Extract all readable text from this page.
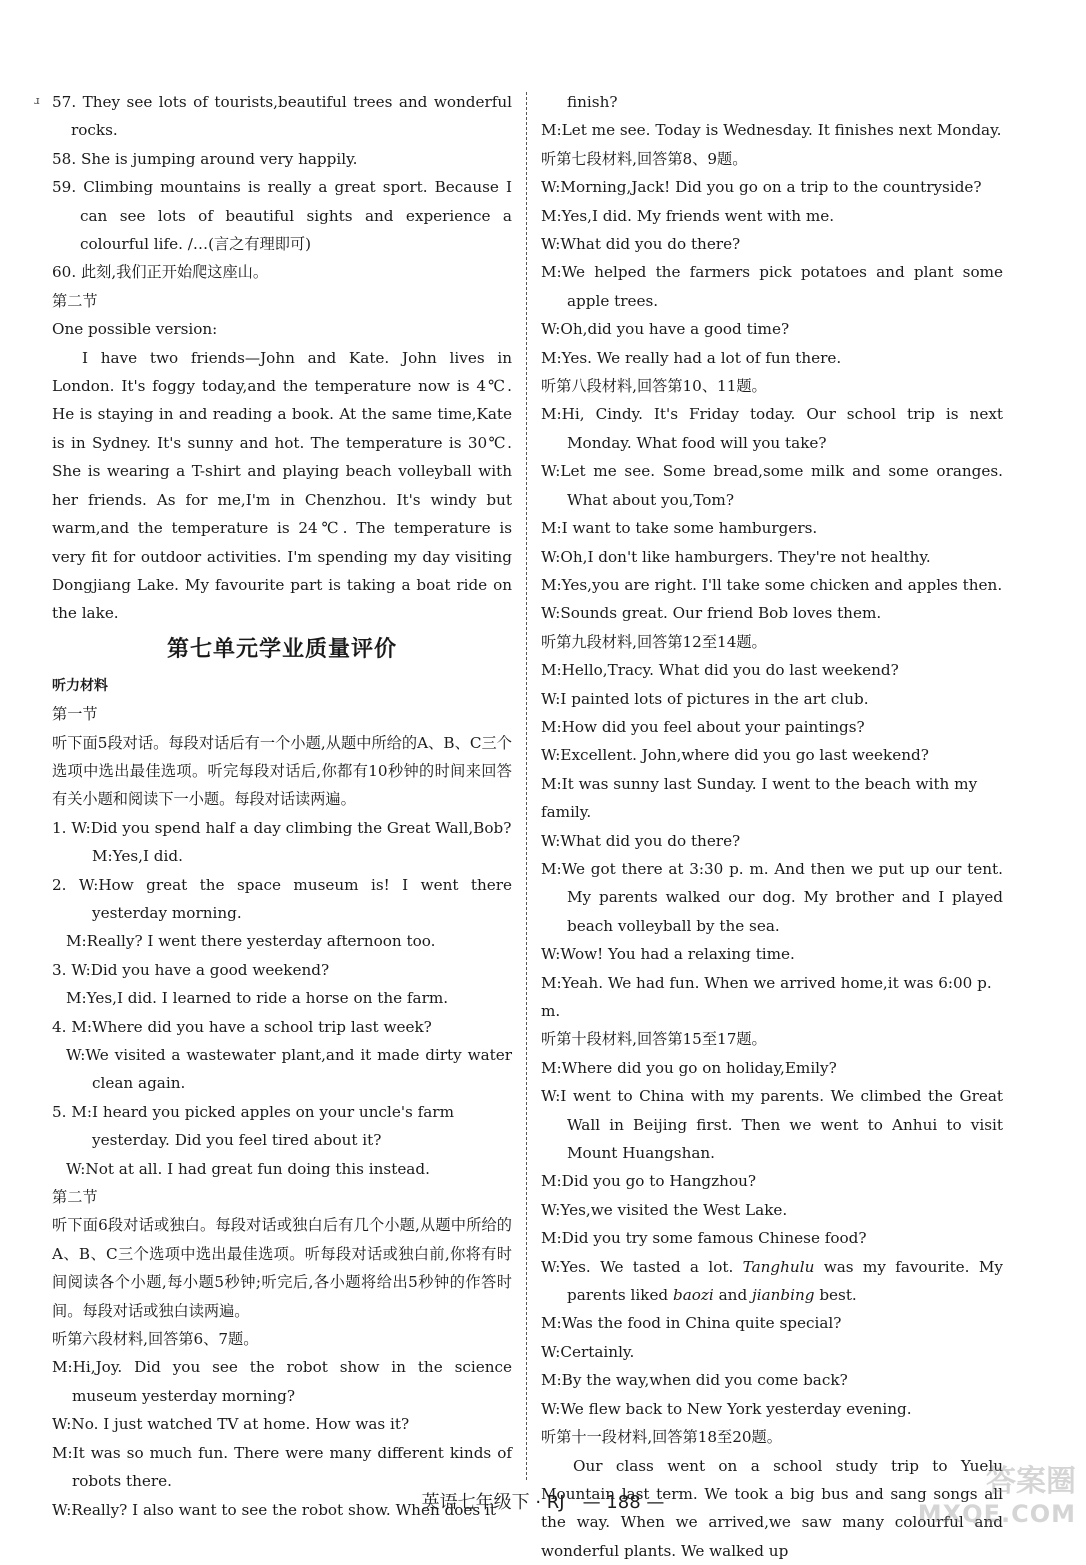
ɹ 57. They see lots of tourists,beautiful trees and wonderful rocks.

58. She is jumping around very happily.

59. Climbing mountains is really a great sport. Because I can see lots of beautiful sights and experience a colourful life. /…(言之有理即可)

60. 此刻,我们正开始爬这座山。

第二节

One possible version:

I have two friends—John and Kate. John lives in London. It's foggy today,and the temperature now is 4℃. He is staying in and reading a book. At the same time,Kate is in Sydney. It's sunny and hot. The temperature is 30℃. She is wearing a T-shirt and playing beach volleyball with her friends. As for me,I'm in Chenzhou. It's windy but warm,and the temperature is 24℃. The temperature is very fit for outdoor activities. I'm spending my day visiting Dongjiang Lake. My favourite part is taking a boat ride on the lake.

第七单元学业质量评价

听力材料

第一节

听下面5段对话。每段对话后有一个小题,从题中所给的A、B、C三个选项中选出最佳选项。听完每段对话后,你都有10秒钟的时间来回答有关小题和阅读下一小题。每段对话读两遍。

1. W:Did you spend half a day climbing the Great Wall,Bob?

M:Yes,I did.

2. W:How great the space museum is! I went there yesterday morning.

M:Really? I went there yesterday afternoon too.

3. W:Did you have a good weekend?

M:Yes,I did. I learned to ride a horse on the farm.

4. M:Where did you have a school trip last week?

W:We visited a wastewater plant,and it made dirty water clean again.

5. M:I heard you picked apples on your uncle's farm yesterday. Did you feel tired about it?

W:Not at all. I had great fun doing this instead.

第二节

听下面6段对话或独白。每段对话或独白后有几个小题,从题中所给的A、B、C三个选项中选出最佳选项。听每段对话或独白前,你将有时间阅读各个小题,每小题5秒钟;听完后,各小题将给出5秒钟的作答时间。每段对话或独白读两遍。

听第六段材料,回答第6、7题。

M:Hi,Joy. Did you see the robot show in the science museum yesterday morning?

W:No. I just watched TV at home. How was it?

M:It was so much fun. There were many different kinds of robots there.

W:Really? I also want to see the robot show. When does it

finish?

M:Let me see. Today is Wednesday. It finishes next Monday.

听第七段材料,回答第8、9题。

W:Morning,Jack! Did you go on a trip to the countryside?

M:Yes,I did. My friends went with me.

W:What did you do there?

M:We helped the farmers pick potatoes and plant some apple trees.

W:Oh,did you have a good time?

M:Yes. We really had a lot of fun there.

听第八段材料,回答第10、11题。

M:Hi, Cindy. It's Friday today. Our school trip is next Monday. What food will you take?

W:Let me see. Some bread,some milk and some oranges. What about you,Tom?

M:I want to take some hamburgers.

W:Oh,I don't like hamburgers. They're not healthy.

M:Yes,you are right. I'll take some chicken and apples then.

W:Sounds great. Our friend Bob loves them.

听第九段材料,回答第12至14题。

M:Hello,Tracy. What did you do last weekend?

W:I painted lots of pictures in the art club.

M:How did you feel about your paintings?

W:Excellent. John,where did you go last weekend?

M:It was sunny last Sunday. I went to the beach with my family.

W:What did you do there?

M:We got there at 3:30 p. m. And then we put up our tent. My parents walked our dog. My brother and I played beach volleyball by the sea.

W:Wow! You had a relaxing time.

M:Yeah. We had fun. When we arrived home,it was 6:00 p. m.

听第十段材料,回答第15至17题。

M:Where did you go on holiday,Emily?

W:I went to China with my parents. We climbed the Great Wall in Beijing first. Then we went to Anhui to visit Mount Huangshan.

M:Did you go to Hangzhou?

W:Yes,we visited the West Lake.

M:Did you try some famous Chinese food?

W:Yes. We tasted a lot. Tanghulu was my favourite. My parents liked baozi and jianbing best.

M:Was the food in China quite special?

W:Certainly.

M:By the way,when did you come back?

W:We flew back to New York yesterday evening.

听第十一段材料,回答第18至20题。

Our class went on a school study trip to Yuelu Mountain last term. We took a big bus and sang songs all the way. When we arrived,we saw many colourful and wonderful plants. We walked up

英语七年级下 · RJ　— 188 —
答案圈
MXQE.COM
